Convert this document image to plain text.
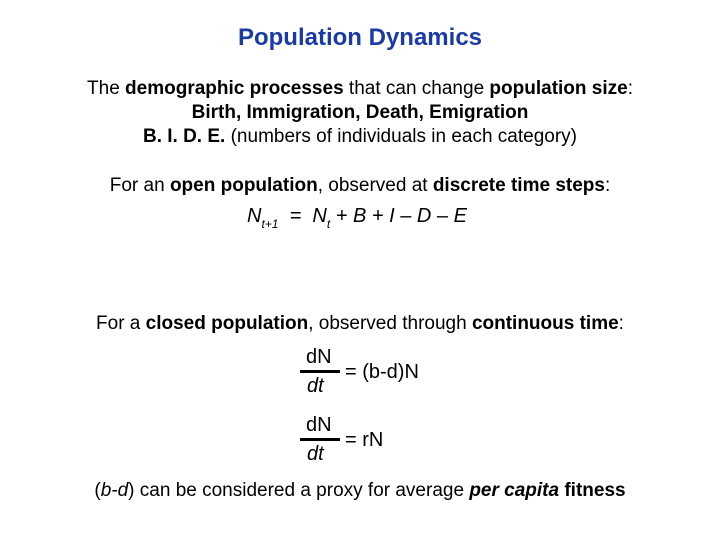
Population Dynamics
The demographic processes that can change population size:
Birth, Immigration, Death, Emigration
B. I. D. E. (numbers of individuals in each category)
For an open population, observed at discrete time steps:
$N_{t+1} = N_t + B + I - D - E$
For a closed population, observed through continuous time:
dN
dt
= (b-d)N
dN
dt
= rN
(b-d) can be considered a proxy for average per capita fitness
